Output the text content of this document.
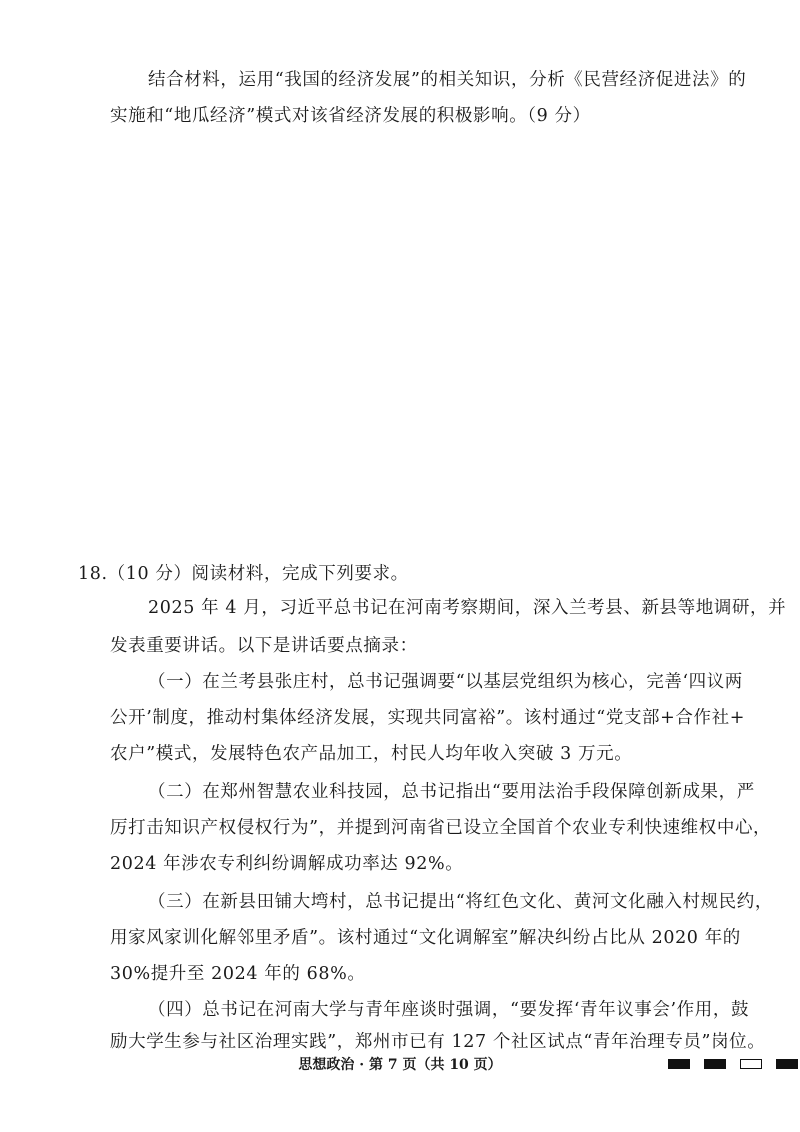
结合材料，运用“我国的经济发展”的相关知识，分析《民营经济促进法》的
实施和“地瓜经济”模式对该省经济发展的积极影响。（9 分）
18.（10 分）阅读材料，完成下列要求。
2025 年 4 月，习近平总书记在河南考察期间，深入兰考县、新县等地调研，并
发表重要讲话。以下是讲话要点摘录：
（一）在兰考县张庄村，总书记强调要“以基层党组织为核心，完善‘四议两
公开’制度，推动村集体经济发展，实现共同富裕”。该村通过“党支部+合作社+
农户”模式，发展特色农产品加工，村民人均年收入突破 3 万元。
（二）在郑州智慧农业科技园，总书记指出“要用法治手段保障创新成果，严
厉打击知识产权侵权行为”，并提到河南省已设立全国首个农业专利快速维权中心，
2024 年涉农专利纠纷调解成功率达 92%。
（三）在新县田铺大塆村，总书记提出“将红色文化、黄河文化融入村规民约，
用家风家训化解邻里矛盾”。该村通过“文化调解室”解决纠纷占比从 2020 年的
30%提升至 2024 年的 68%。
（四）总书记在河南大学与青年座谈时强调，“要发挥‘青年议事会’作用，鼓
励大学生参与社区治理实践”，郑州市已有 127 个社区试点“青年治理专员”岗位。
思想政治 · 第 7 页（共 10 页）
